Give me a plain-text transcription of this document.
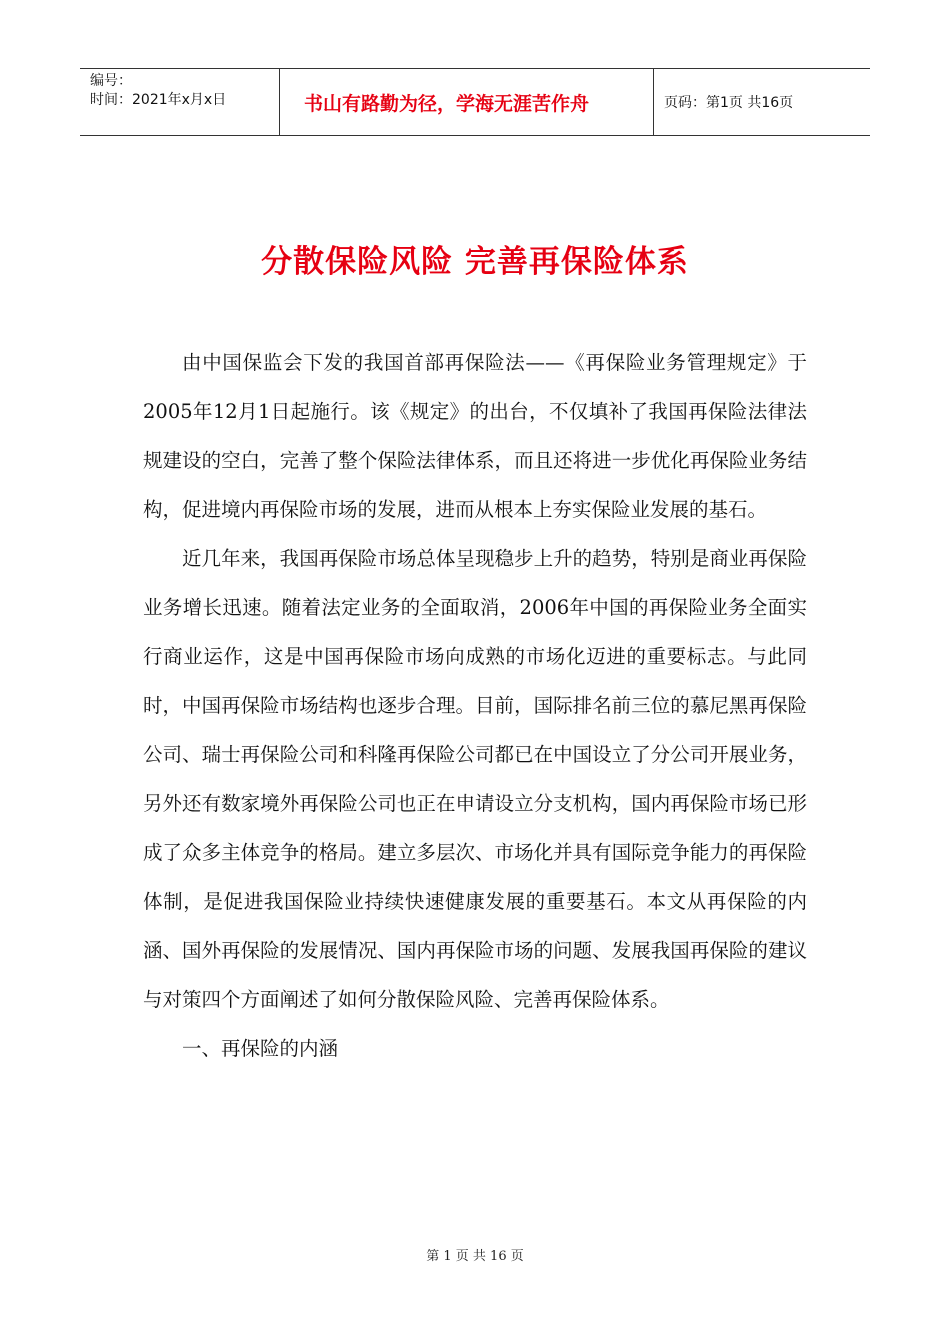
编号：
时间：2021年x月x日	书山有路勤为径，学海无涯苦作舟	页码：第1页 共16页
分散保险风险 完善再保险体系

由中国保监会下发的我国首部再保险法——《再保险业务管理规定》于2005年12月1日起施行。该《规定》的出台，不仅填补了我国再保险法律法规建设的空白，完善了整个保险法律体系，而且还将进一步优化再保险业务结构，促进境内再保险市场的发展，进而从根本上夯实保险业发展的基石。

近几年来，我国再保险市场总体呈现稳步上升的趋势，特别是商业再保险业务增长迅速。随着法定业务的全面取消，2006年中国的再保险业务全面实行商业运作，这是中国再保险市场向成熟的市场化迈进的重要标志。与此同时，中国再保险市场结构也逐步合理。目前，国际排名前三位的慕尼黑再保险公司、瑞士再保险公司和科隆再保险公司都已在中国设立了分公司开展业务，另外还有数家境外再保险公司也正在申请设立分支机构，国内再保险市场已形成了众多主体竞争的格局。建立多层次、市场化并具有国际竞争能力的再保险体制，是促进我国保险业持续快速健康发展的重要基石。本文从再保险的内涵、国外再保险的发展情况、国内再保险市场的问题、发展我国再保险的建议与对策四个方面阐述了如何分散保险风险、完善再保险体系。

一、再保险的内涵

第 1 页 共 16 页
